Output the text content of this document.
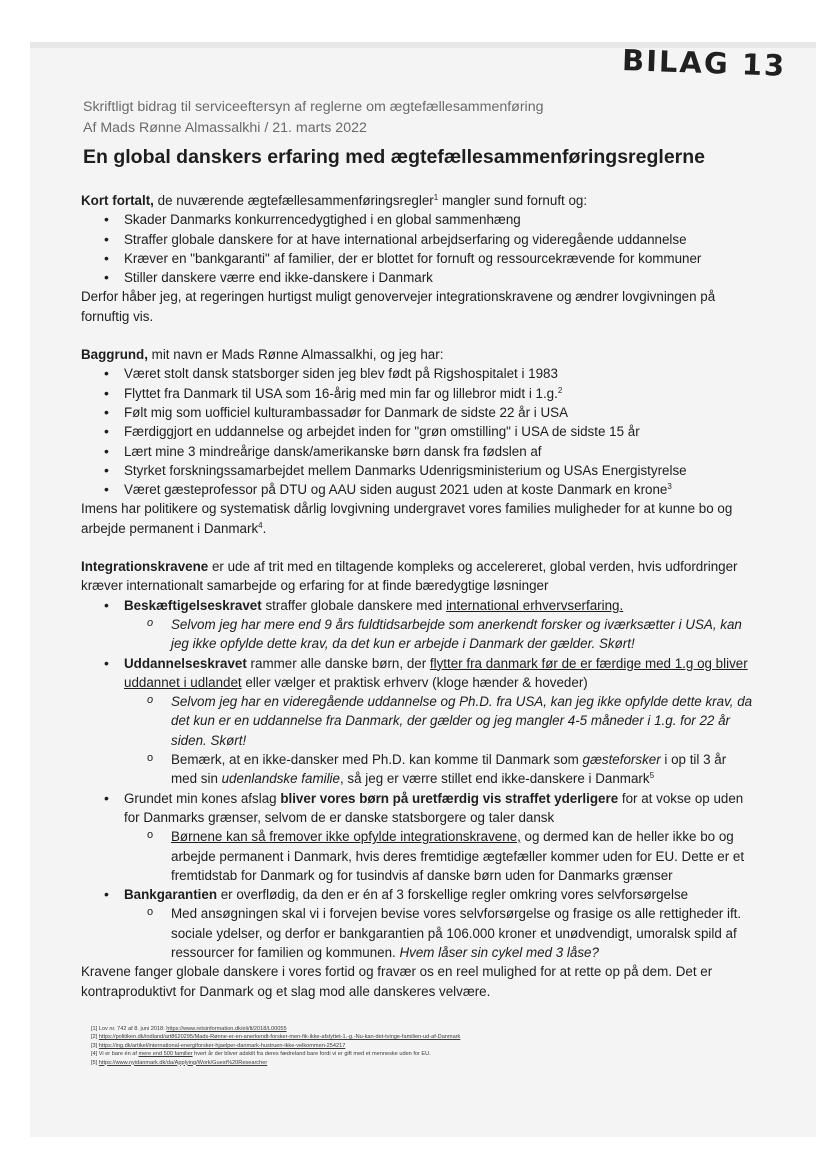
BILAG 13
Skriftligt bidrag til serviceeftersyn af reglerne om ægtefællesammenføring
Af Mads Rønne Almassalkhi / 21. marts 2022
En global danskers erfaring med ægtefællesammenføringsreglerne

Kort fortalt, de nuværende ægtefællesammenføringsregler$^1$ mangler sund fornuft og:

• Skader Danmarks konkurrencedygtighed i en global sammenhæng
• Straffer globale danskere for at have international arbejdserfaring og videregående uddannelse
• Kræver en "bankgaranti" af familier, der er blottet for fornuft og ressourcekrævende for kommuner
• Stiller danskere værre end ikke-danskere i Danmark

Derfor håber jeg, at regeringen hurtigst muligt genovervejer integrationskravene og ændrer lovgivningen på fornuftig vis.

Baggrund, mit navn er Mads Rønne Almassalkhi, og jeg har:

• Været stolt dansk statsborger siden jeg blev født på Rigshospitalet i 1983
• Flyttet fra Danmark til USA som 16-årig med min far og lillebror midt i 1.g.$^2$
• Følt mig som uofficiel kulturambassadør for Danmark de sidste 22 år i USA
• Færdiggjort en uddannelse og arbejdet inden for "grøn omstilling" i USA de sidste 15 år
• Lært mine 3 mindreårige dansk/amerikanske børn dansk fra fødslen af
• Styrket forskningssamarbejdet mellem Danmarks Udenrigsministerium og USAs Energistyrelse
• Været gæsteprofessor på DTU og AAU siden august 2021 uden at koste Danmark en krone$^3$

Imens har politikere og systematisk dårlig lovgivning undergravet vores families muligheder for at kunne bo og arbejde permanent i Danmark$^4$.

Integrationskravene er ude af trit med en tiltagende kompleks og accelereret, global verden, hvis udfordringer kræver internationalt samarbejde og erfaring for at finde bæredygtige løsninger

• Beskæftigelseskravet straffer globale danskere med international erhvervserfaring.
o Selvom jeg har mere end 9 års fuldtidsarbejde som anerkendt forsker og iværksætter i USA, kan jeg ikke opfylde dette krav, da det kun er arbejde i Danmark der gælder. Skørt!
• Uddannelseskravet rammer alle danske børn, der flytter fra danmark før de er færdige med 1.g og bliver uddannet i udlandet eller vælger et praktisk erhverv (kloge hænder & hoveder)
o Selvom jeg har en videregående uddannelse og Ph.D. fra USA, kan jeg ikke opfylde dette krav, da det kun er en uddannelse fra Danmark, der gælder og jeg mangler 4-5 måneder i 1.g. for 22 år siden. Skørt!
o Bemærk, at en ikke-dansker med Ph.D. kan komme til Danmark som gæsteforsker i op til 3 år med sin udenlandske familie, så jeg er værre stillet end ikke-danskere i Danmark$^5$
• Grundet min kones afslag bliver vores børn på uretfærdig vis straffet yderligere for at vokse op uden for Danmarks grænser, selvom de er danske statsborgere og taler dansk
o Børnene kan så fremover ikke opfylde integrationskravene, og dermed kan de heller ikke bo og arbejde permanent i Danmark, hvis deres fremtidige ægtefæller kommer uden for EU. Dette er et fremtidstab for Danmark og for tusindvis af danske børn uden for Danmarks grænser
• Bankgarantien er overflødig, da den er én af 3 forskellige regler omkring vores selvforsørgelse
o Med ansøgningen skal vi i forvejen bevise vores selvforsørgelse og frasige os alle rettigheder ift. sociale ydelser, og derfor er bankgarantien på 106.000 kroner et unødvendigt, umoralsk spild af ressourcer for familien og kommunen. Hvem låser sin cykel med 3 låse?

Kravene fanger globale danskere i vores fortid og fravær os en reel mulighed for at rette op på dem. Det er kontraproduktivt for Danmark og et slag mod alle danskeres velvære.

[1] Lov nr. 742 af 8. juni 2018: https://www.retsinformation.dk/eli/lt/2018/L00055
[2] https://politiken.dk/indland/art8620295/Mads-Rønne-er-en-anerkendt-forsker-men-fik-ikke-afslyttet-1.-g.-Nu-kan-det-tvinge-familien-ud-af-Danmark
[3] https://ing.dk/artikel/international-energiforsker-hjaelper-danmark-hustruen-ikke-velkommen-254217
[4] Vi er bare én af mere end 500 familier hvert år der bliver adskilt fra deres fædreland bare fordi vi er gift med et menneske uden for EU.
[5] https://www.nyidanmark.dk/da/Applying/Work/Guest%20Researcher
